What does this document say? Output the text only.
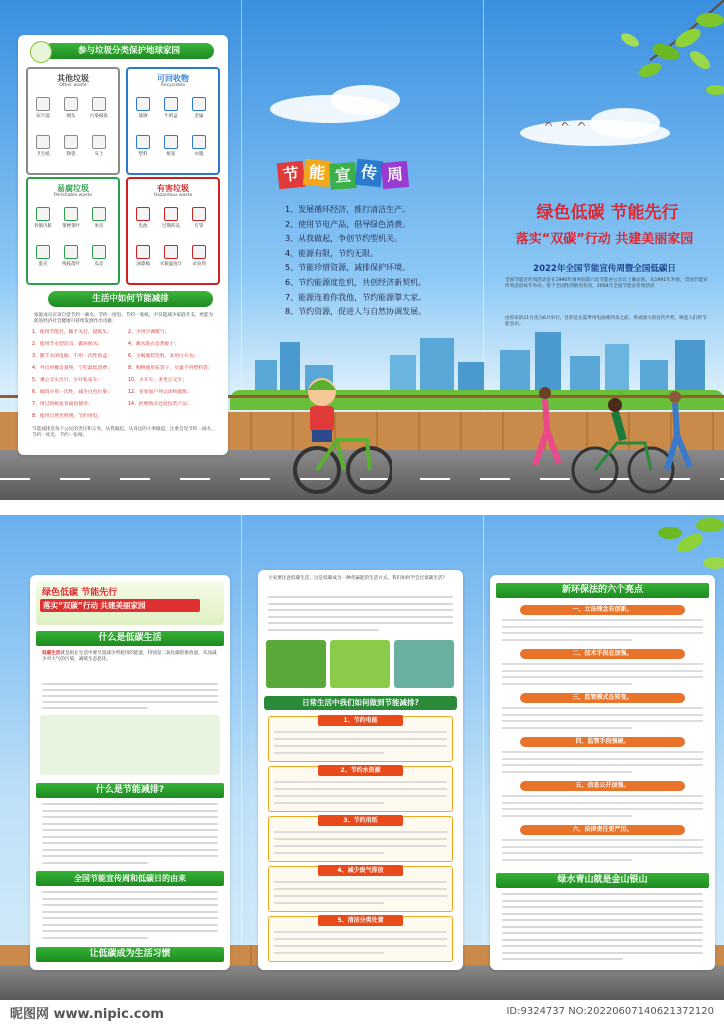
ᨈᨈᨈ
参与垃圾分类保护地球家园
其他垃圾
Other waste
可回收物
Recyclable
易腐垃圾
Perishable waste
有害垃圾
Hazardous waste
尿不湿	烟头	污染纸张
卫生纸	陶瓷	灰土
玻璃	牛奶盒	金属
塑料	纸张	衣服
骨骼内脏	菜梗菜叶	果皮
蛋壳	残枝落叶	瓜皮
电池	过期药品	灯管
油漆桶	水银温度计	杀虫剂
生活中如何节能减排
家庭成员应该自觉节约一滴水、节约一度电、节约一张纸，不仅能减少家庭开支，更能为促进经济社会健康可持续发展作出贡献：
1、使用节能灯，随手关灯，提炼头；
2、使用节水型洁具，做环保水；
3、随手关闭电脑、不用一次性饭盒；
4、外出用餐自备筷，宁吃最低消费；
5、乘公交车出行，少开私家车；
6、做饭少用一次性，减少白色污染；
7、用过的纸张背面再使用；
8、使用自然光照明，节约用电；
2、少用空调暖气；
4、漱水洗衣自然晾干；
6、少喝瓶装饮料，多用白开水；
8、购物使用布袋子，尽量不用塑料袋；
10、少开车，多坐公交少；
12、多参加户外运动和锻炼；
14、拒绝购买过度包装产品；
节能减排是每个公民的责任和义务，从我做起，从身边的小事做起，注重自觉节约一滴水、节约一度电，节约一张纸。
节 能 宣 传 周
1、发展循环经济，推行清洁生产。
2、使用节电产品，倡导绿色消费。
3、从我做起，争创节约型机关。
4、能源有限，节约无限。
5、节能珍惜资源，减排保护环境。
6、节约能源度危机，共创经济新契机。
7、能源连着你我他，节约能源靠大家。
8、节约资源，促进人与自然协调发展。
绿色低碳 节能先行
落实“双碳”行动 共建美丽家园
2022年全国节能宣传周暨全国低碳日
全国节能宣传周活动是在1990年国务院第六次节能办公会议上确定的。从1991年开始，全国节能宣传周活动每年举办。鉴于全国性的缺电状况，2004年全国节能宣传周活动
由原来的11月改为6月举行，目的是在夏季用电高峰到来之前，形成强大的宣传声势，唤起人们的节能意识。
绿色低碳 节能先行
落实“双碳”行动 共建美丽家园
什么是低碳生活
低碳生活就是指在生活中要尽量减少所耗用的能量，特别是二氧化碳的排放量，从而减少对大气的污染，减缓生态恶化。
什么是节能减排?
全国节能宣传周和低碳日的由来
让低碳成为生活习惯
大家要注意低碳生活，这是低碳成为一种普遍能的生活方式。我们如何学会过低碳生活？
日常生活中我们如何做到节能减排?
1、节约电能
2、节约水资源
3、节约用纸
4、减少废气排放
5、清洁分类处置
新环保法的六个亮点
一、立法理念有创新。
二、技术手段在加强。
三、监管模式在转变。
四、监管手段强硬。
五、信息公开加强。
六、法律责任更严厉。
绿水青山就是金山银山
昵图网 www.nipic.com	ID:9324737 NO:20220607140621372120
